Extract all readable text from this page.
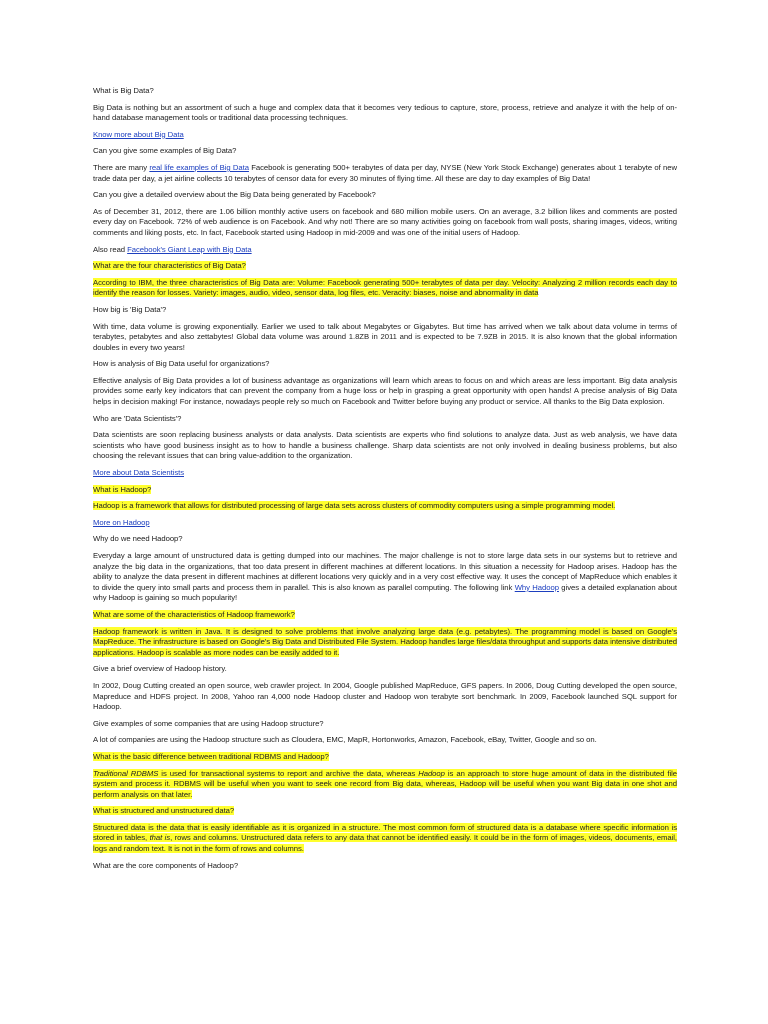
What is Big Data?

Big Data is nothing but an assortment of such a huge and complex data that it becomes very tedious to capture, store, process, retrieve and analyze it with the help of on-hand database management tools or traditional data processing techniques.

Know more about Big Data

Can you give some examples of Big Data?

There are many real life examples of Big Data Facebook is generating 500+ terabytes of data per day, NYSE (New York Stock Exchange) generates about 1 terabyte of new trade data per day, a jet airline collects 10 terabytes of censor data for every 30 minutes of flying time. All these are day to day examples of Big Data!

Can you give a detailed overview about the Big Data being generated by Facebook?

As of December 31, 2012, there are 1.06 billion monthly active users on facebook and 680 million mobile users. On an average, 3.2 billion likes and comments are posted every day on Facebook. 72% of web audience is on Facebook. And why not! There are so many activities going on facebook from wall posts, sharing images, videos, writing comments and liking posts, etc. In fact, Facebook started using Hadoop in mid-2009 and was one of the initial users of Hadoop.

Also read Facebook's Giant Leap with Big Data

What are the four characteristics of Big Data?

According to IBM, the three characteristics of Big Data are: Volume: Facebook generating 500+ terabytes of data per day. Velocity: Analyzing 2 million records each day to identify the reason for losses. Variety: images, audio, video, sensor data, log files, etc. Veracity: biases, noise and abnormality in data

How big is 'Big Data'?

With time, data volume is growing exponentially. Earlier we used to talk about Megabytes or Gigabytes. But time has arrived when we talk about data volume in terms of terabytes, petabytes and also zettabytes! Global data volume was around 1.8ZB in 2011 and is expected to be 7.9ZB in 2015. It is also known that the global information doubles in every two years!

How is analysis of Big Data useful for organizations?

Effective analysis of Big Data provides a lot of business advantage as organizations will learn which areas to focus on and which areas are less important. Big data analysis provides some early key indicators that can prevent the company from a huge loss or help in grasping a great opportunity with open hands! A precise analysis of Big Data helps in decision making! For instance, nowadays people rely so much on Facebook and Twitter before buying any product or service. All thanks to the Big Data explosion.

Who are 'Data Scientists'?

Data scientists are soon replacing business analysts or data analysts. Data scientists are experts who find solutions to analyze data. Just as web analysis, we have data scientists who have good business insight as to how to handle a business challenge. Sharp data scientists are not only involved in dealing business problems, but also choosing the relevant issues that can bring value-addition to the organization.

More about Data Scientists

What is Hadoop?

Hadoop is a framework that allows for distributed processing of large data sets across clusters of commodity computers using a simple programming model.

More on Hadoop

Why do we need Hadoop?

Everyday a large amount of unstructured data is getting dumped into our machines. The major challenge is not to store large data sets in our systems but to retrieve and analyze the big data in the organizations, that too data present in different machines at different locations. In this situation a necessity for Hadoop arises. Hadoop has the ability to analyze the data present in different machines at different locations very quickly and in a very cost effective way. It uses the concept of MapReduce which enables it to divide the query into small parts and process them in parallel. This is also known as parallel computing. The following link Why Hadoop gives a detailed explanation about why Hadoop is gaining so much popularity!

What are some of the characteristics of Hadoop framework?

Hadoop framework is written in Java. It is designed to solve problems that involve analyzing large data (e.g. petabytes). The programming model is based on Google's MapReduce. The infrastructure is based on Google's Big Data and Distributed File System. Hadoop handles large files/data throughput and supports data intensive distributed applications. Hadoop is scalable as more nodes can be easily added to it.

Give a brief overview of Hadoop history.

In 2002, Doug Cutting created an open source, web crawler project. In 2004, Google published MapReduce, GFS papers. In 2006, Doug Cutting developed the open source, Mapreduce and HDFS project. In 2008, Yahoo ran 4,000 node Hadoop cluster and Hadoop won terabyte sort benchmark. In 2009, Facebook launched SQL support for Hadoop.

Give examples of some companies that are using Hadoop structure?

A lot of companies are using the Hadoop structure such as Cloudera, EMC, MapR, Hortonworks, Amazon, Facebook, eBay, Twitter, Google and so on.

What is the basic difference between traditional RDBMS and Hadoop?

Traditional RDBMS is used for transactional systems to report and archive the data, whereas Hadoop is an approach to store huge amount of data in the distributed file system and process it. RDBMS will be useful when you want to seek one record from Big data, whereas, Hadoop will be useful when you want Big data in one shot and perform analysis on that later.

What is structured and unstructured data?

Structured data is the data that is easily identifiable as it is organized in a structure. The most common form of structured data is a database where specific information is stored in tables, that is, rows and columns. Unstructured data refers to any data that cannot be identified easily. It could be in the form of images, videos, documents, email, logs and random text. It is not in the form of rows and columns.

What are the core components of Hadoop?
